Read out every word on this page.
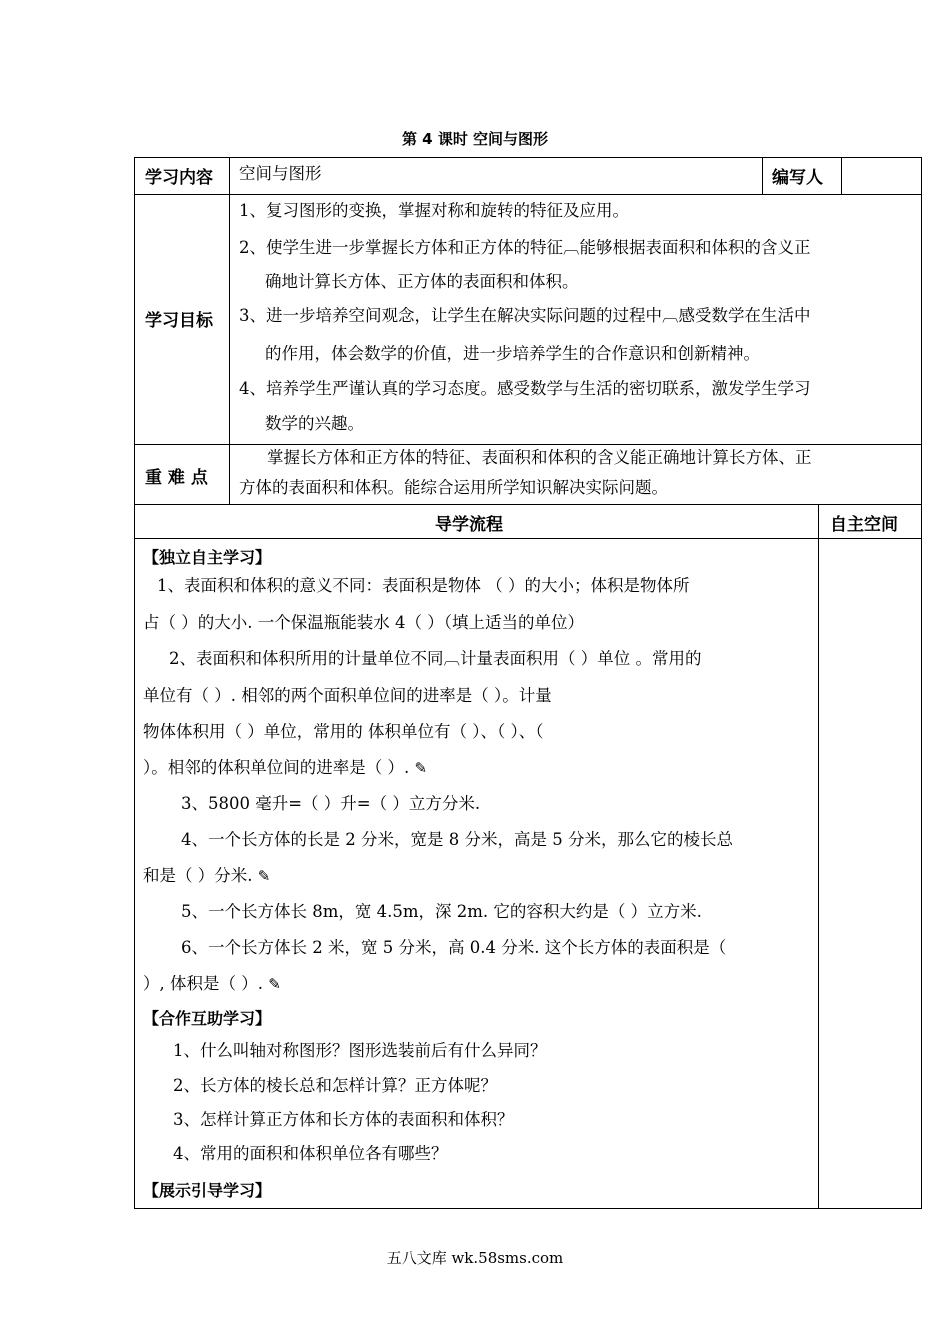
第 4 课时 空间与图形
学习内容 空间与图形	编写人
学习目标
1、复习图形的变换，掌握对称和旋转的特征及应用。
2、使学生进一步掌握长方体和正方体的特征︹能够根据表面积和体积的含义正
确地计算长方体、正方体的表面积和体积。
3、进一步培养空间观念，让学生在解决实际问题的过程中︹感受数学在生活中
的作用，体会数学的价值，进一步培养学生的合作意识和创新精神。
4、培养学生严谨认真的学习态度。感受数学与生活的密切联系，激发学生学习
数学的兴趣。
重 难 点
掌握长方体和正方体的特征、表面积和体积的含义能正确地计算长方体、正
方体的表面积和体积。能综合运用所学知识解决实际问题。
导学流程	自主空间
【独立自主学习】
1、表面积和体积的意义不同：表面积是物体 （ ）的大小；体积是物体所
占（ ）的大小. 一个保温瓶能装水 4（ ）（填上适当的单位）
2、表面积和体积所用的计量单位不同︹计量表面积用（ ）单位 。常用的
单位有（ ）. 相邻的两个面积单位间的进率是（ ）。计量
物体体积用（ ）单位，常用的 体积单位有（ ）、（ ）、（
）。相邻的体积单位间的进率是（ ）. ✎
3、5800 毫升=（ ）升=（ ）立方分米.
4、一个长方体的长是 2 分米，宽是 8 分米，高是 5 分米，那么它的棱长总
和是（ ）分米. ✎
5、一个长方体长 8m，宽 4.5m，深 2m. 它的容积大约是（ ）立方米.
6、一个长方体长 2 米，宽 5 分米，高 0.4 分米. 这个长方体的表面积是（
）, 体积是（ ）. ✎
【合作互助学习】
1、什么叫轴对称图形？图形选装前后有什么异同？
2、长方体的棱长总和怎样计算？正方体呢？
3、怎样计算正方体和长方体的表面积和体积？
4、常用的面积和体积单位各有哪些？
【展示引导学习】
五八文库 wk.58sms.com
